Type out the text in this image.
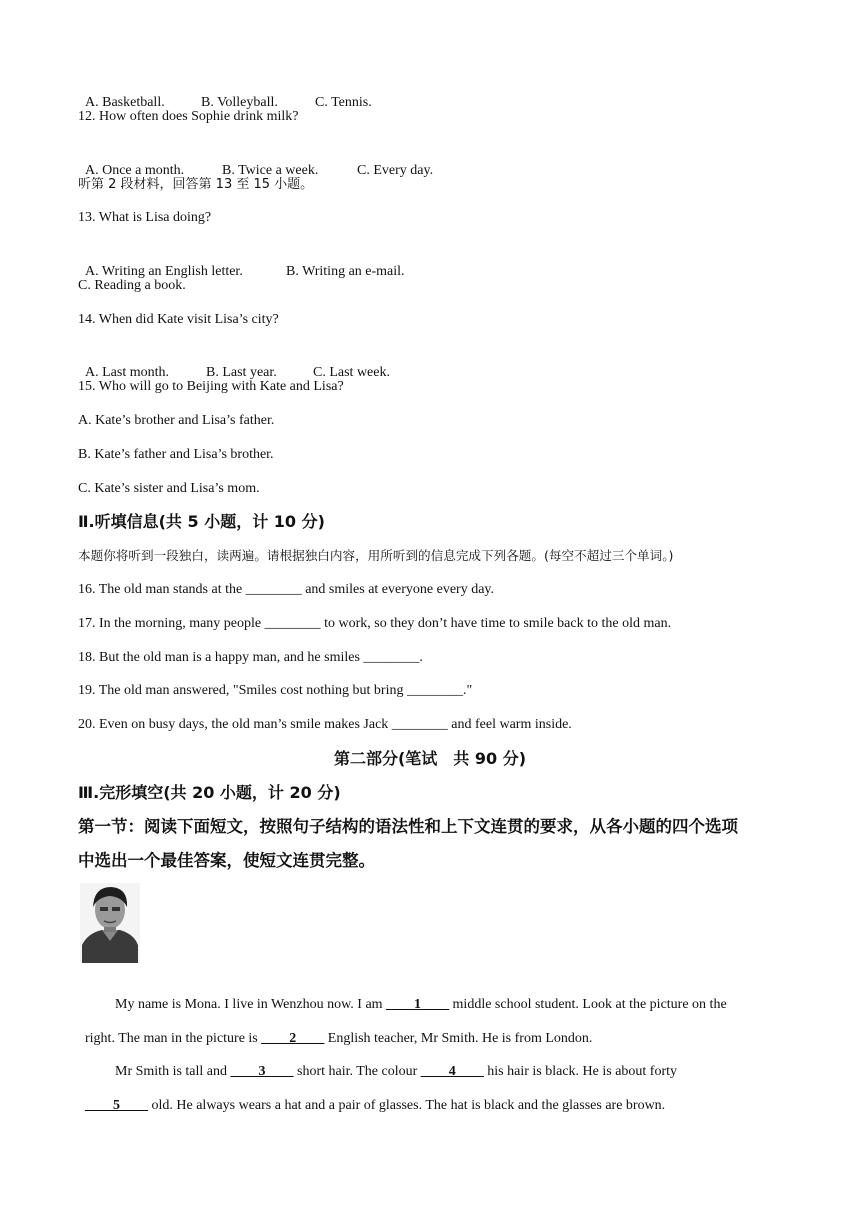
A. Basketball.	B. Volleyball.	C. Tennis.

12. How often does Sophie drink milk?

A. Once a month.	B. Twice a week.	C. Every day.

听第 2 段材料，回答第 13 至 15 小题。
13. What is Lisa doing?

A. Writing an English letter.	B. Writing an e-mail.

C. Reading a book.
14. When did Kate visit Lisa’s city?

A. Last month.	B. Last year.	C. Last week.

15. Who will go to Beijing with Kate and Lisa?
A. Kate’s brother and Lisa’s father.
B. Kate’s father and Lisa’s brother.
C. Kate’s sister and Lisa’s mom.
Ⅱ.听填信息(共 5 小题，计 10 分)
本题你将听到一段独白，读两遍。请根据独白内容，用所听到的信息完成下列各题。(每空不超过三个单词。)
16. The old man stands at the ________ and smiles at everyone every day.
17. In the morning, many people ________ to work, so they don’t have time to smile back to the old man.
18. But the old man is a happy man, and he smiles ________.
19. The old man answered, "Smiles cost nothing but bring ________."
20. Even on busy days, the old man’s smile makes Jack ________ and feel warm inside.
第二部分(笔试　共 90 分)
Ⅲ.完形填空(共 20 小题，计 20 分)
第一节：阅读下面短文，按照句子结构的语法性和上下文连贯的要求，从各小题的四个选项
中选出一个最佳答案，使短文连贯完整。

My name is Mona. I live in Wenzhou now. I am ____1____ middle school student. Look at the picture on the

right. The man in the picture is ____2____ English teacher, Mr Smith. He is from London.

Mr Smith is tall and ____3____ short hair. The colour ____4____ his hair is black. He is about forty

____5____ old. He always wears a hat and a pair of glasses. The hat is black and the glasses are brown.
